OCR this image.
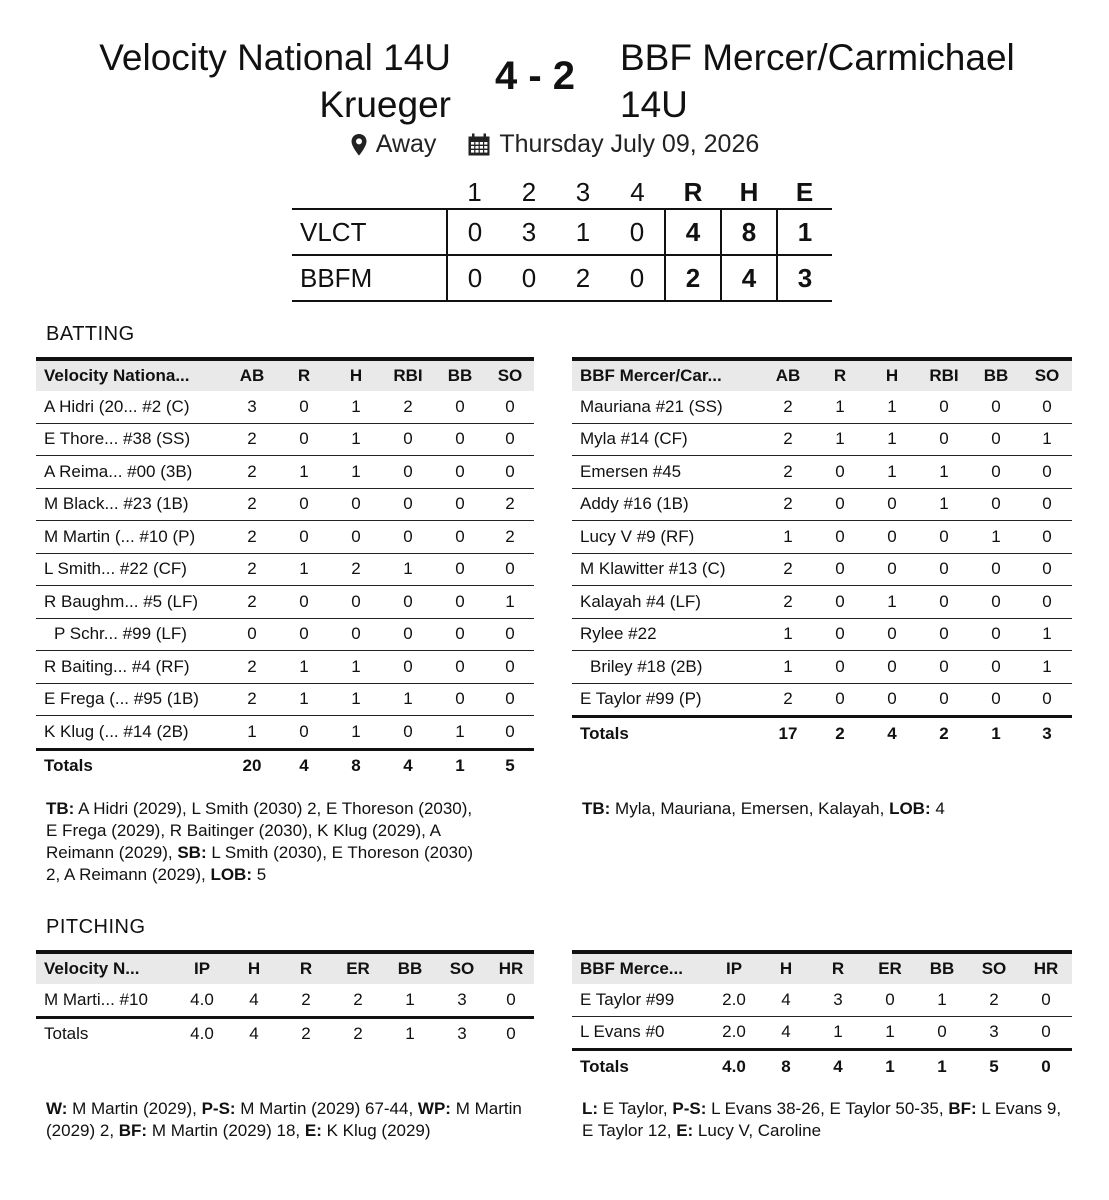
Velocity National 14U
Krueger
4 - 2	BBF Mercer/Carmichael
14U
Away
	Thursday July 09, 2026
	1	2	3	4	R	H	E
VLCT	0	3	1	0	4	8	1
BBFM	0	0	2	0	2	4	3
BATTING
Velocity Nationa...	AB	R	H	RBI	BB	SO
A Hidri (20... #2 (C)	3	0	1	2	0	0
E Thore... #38 (SS)	2	0	1	0	0	0
A Reima... #00 (3B)	2	1	1	0	0	0
M Black... #23 (1B)	2	0	0	0	0	2
M Martin (... #10 (P)	2	0	0	0	0	2
L Smith... #22 (CF)	2	1	2	1	0	0
R Baughm... #5 (LF)	2	0	0	0	0	1
P Schr... #99 (LF)	0	0	0	0	0	0
R Baiting... #4 (RF)	2	1	1	0	0	0
E Frega (... #95 (1B)	2	1	1	1	0	0
K Klug (... #14 (2B)	1	0	1	0	1	0
Totals	20	4	8	4	1	5
BBF Mercer/Car...	AB	R	H	RBI	BB	SO
Mauriana #21 (SS)	2	1	1	0	0	0
Myla #14 (CF)	2	1	1	0	0	1
Emersen #45	2	0	1	1	0	0
Addy #16 (1B)	2	0	0	1	0	0
Lucy V #9 (RF)	1	0	0	0	1	0
M Klawitter #13 (C)	2	0	0	0	0	0
Kalayah #4 (LF)	2	0	1	0	0	0
Rylee #22	1	0	0	0	0	1
Briley #18 (2B)	1	0	0	0	0	1
E Taylor #99 (P)	2	0	0	0	0	0
Totals	17	2	4	2	1	3
TB: A Hidri (2029), L Smith (2030) 2, E Thoreson (2030), E Frega (2029), R Baitinger (2030), K Klug (2029), A Reimann (2029), SB: L Smith (2030), E Thoreson (2030) 2, A Reimann (2029), LOB: 5
TB: Myla, Mauriana, Emersen, Kalayah, LOB: 4
PITCHING
Velocity N...	IP	H	R	ER	BB	SO	HR
M Marti... #10	4.0	4	2	2	1	3	0
Totals	4.0	4	2	2	1	3	0
BBF Merce...	IP	H	R	ER	BB	SO	HR
E Taylor #99	2.0	4	3	0	1	2	0
L Evans #0	2.0	4	1	1	0	3	0
Totals	4.0	8	4	1	1	5	0
W: M Martin (2029), P-S: M Martin (2029) 67-44, WP: M Martin (2029) 2, BF: M Martin (2029) 18, E: K Klug (2029)
L: E Taylor, P-S: L Evans 38-26, E Taylor 50-35, BF: L Evans 9, E Taylor 12, E: Lucy V, Caroline
